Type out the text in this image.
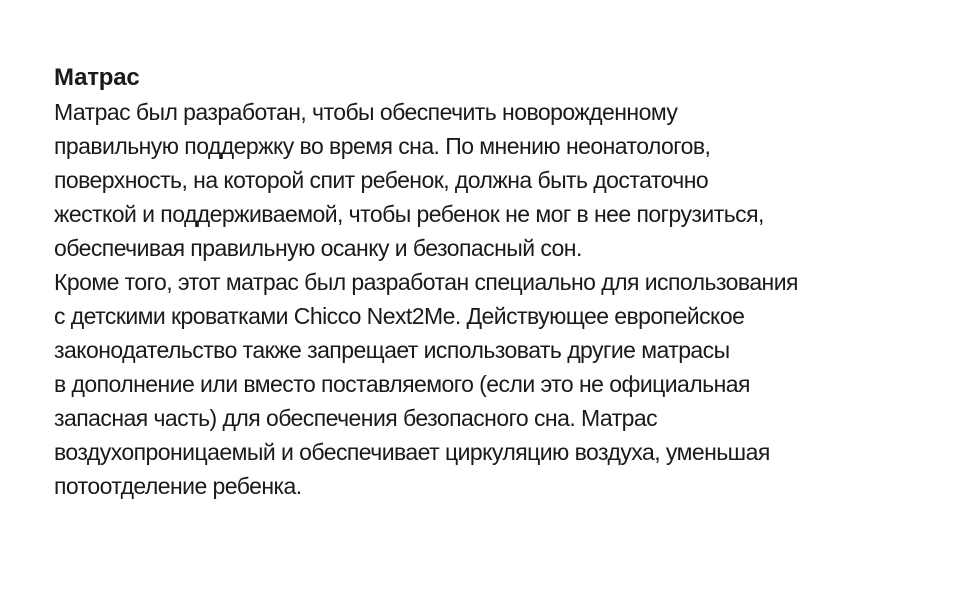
Матрас

Матрас был разработан, чтобы обеспечить новорожденному

правильную поддержку во время сна. По мнению неонатологов,

поверхность, на которой спит ребенок, должна быть достаточно

жесткой и поддерживаемой, чтобы ребенок не мог в нее погрузиться,

обеспечивая правильную осанку и безопасный сон.

Кроме того, этот матрас был разработан специально для использования

с детскими кроватками Chicco Next2Me. Действующее европейское

законодательство также запрещает использовать другие матрасы

в дополнение или вместо поставляемого (если это не официальная

запасная часть) для обеспечения безопасного сна. Матрас

воздухопроницаемый и обеспечивает циркуляцию воздуха, уменьшая

потоотделение ребенка.
